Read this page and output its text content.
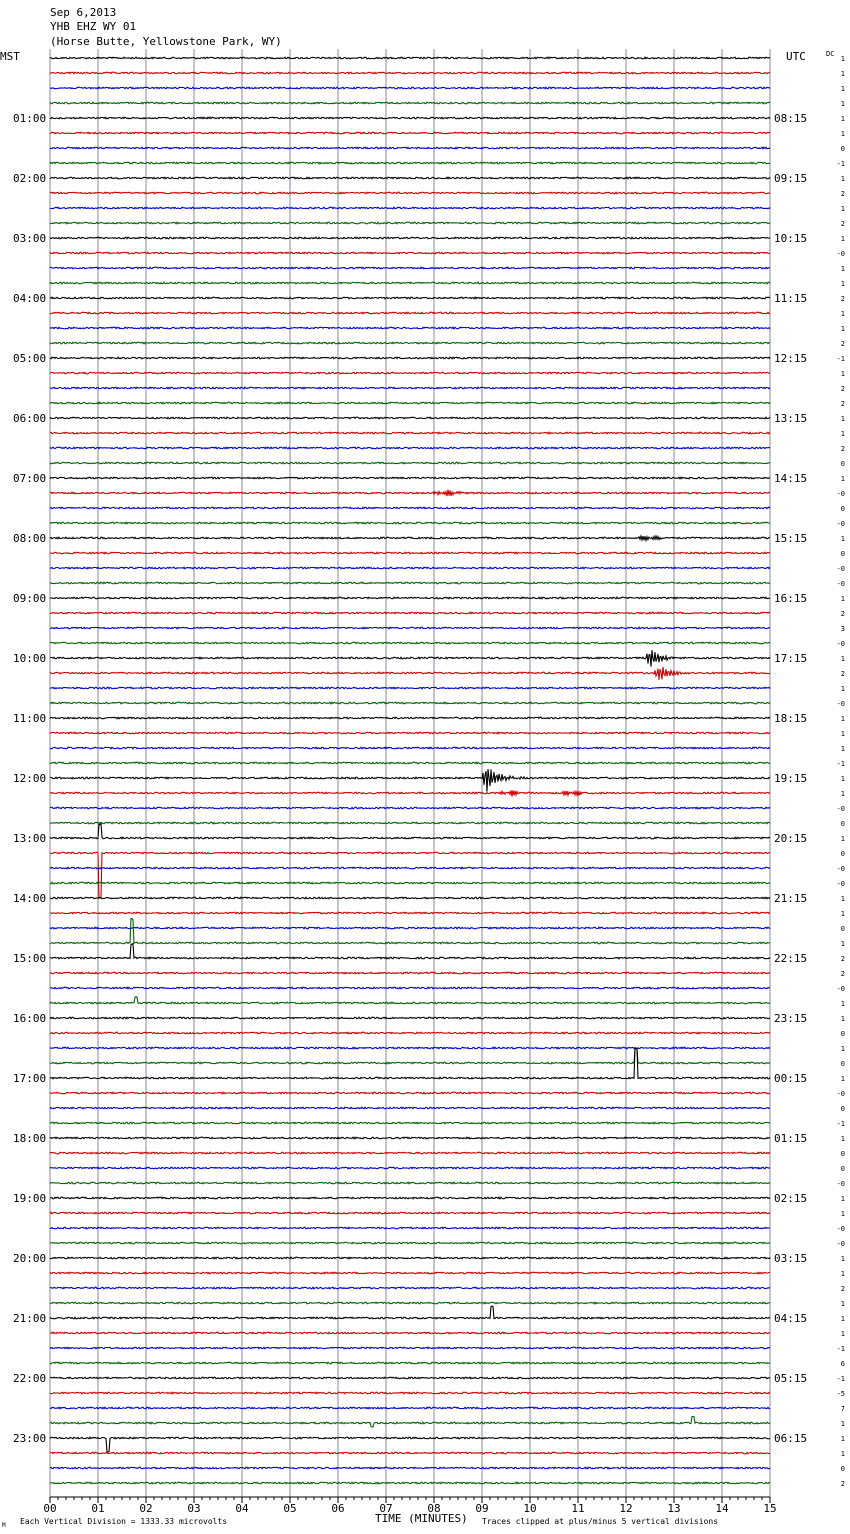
Sep 6,2013
YHB EHZ WY 01
(Horse Butte, Yellowstone Park, WY)
MST	UTC	DC
01:00
02:00
03:00
04:00
05:00
06:00
07:00
08:00
09:00
10:00
11:00
12:00
13:00
14:00
15:00
16:00
17:00
18:00
19:00
20:00
21:00
22:00
23:00
08:15
09:15
10:15
11:15
12:15
13:15
14:15
15:15
16:15
17:15
18:15
19:15
20:15
21:15
22:15
23:15
00:15
01:15
02:15
03:15
04:15
05:15
06:15
1
1
1
1
1
1
0
-1
1
2
1
2
1
-0
1
1
2
1
1
2
-1
1
2
2
1
1
2
0
1
-0
0
-0
1
0
-0
-0
1
2
3
-0
1
2
1
-0
1
1
1
-1
1
1
-0
0
1
0
-0
-0
1
1
0
1
2
2
-0
1
1
0
1
0
1
-0
0
-1
1
0
0
-0
1
1
-0
-0
1
1
2
1
1
1
-1
6
-1
-5
7
1
1
1
0
2
00	01	02	03	04	05	06	07	08	09	10	11	12	13	14	15
TIME (MINUTES)
Each Vertical Division = 1333.33 microvolts	Traces clipped at plus/minus 5 vertical divisions
M
